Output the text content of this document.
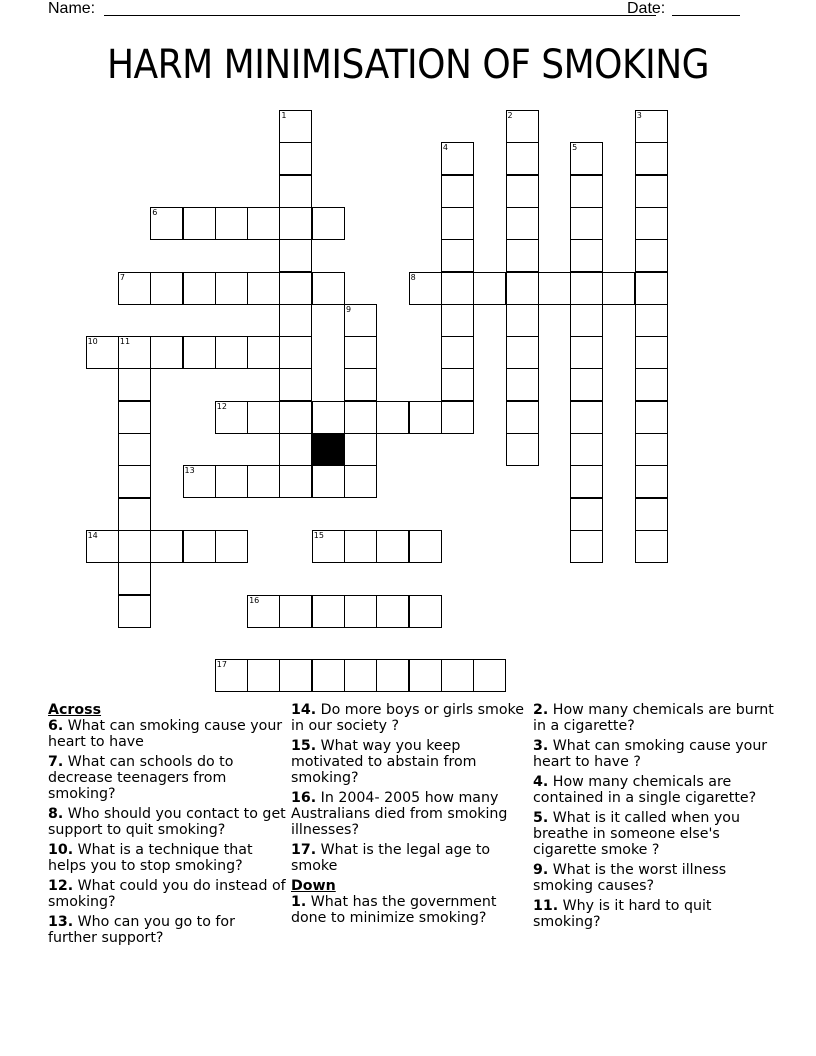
Name:	Date:
HARM MINIMISATION OF SMOKING
1	2	3
4	5
6
7	8
9
10	11
12
13
14	15
16
17
Across
6. What can smoking cause your heart to have
7. What can schools do to decrease teenagers from smoking?
8. Who should you contact to get support to quit smoking?
10. What is a technique that helps you to stop smoking?
12. What could you do instead of smoking?
13. Who can you go to for further support?
14. Do more boys or girls smoke in our society ?
15. What way you keep motivated to abstain from smoking?
16. In 2004- 2005 how many Australians died from smoking illnesses?
17. What is the legal age to smoke
Down
1. What has the government done to minimize smoking?
2. How many chemicals are burnt in a cigarette?
3. What can smoking cause your heart to have ?
4. How many chemicals are contained in a single cigarette?
5. What is it called when you breathe in someone else's cigarette smoke ?
9. What is the worst illness smoking causes?
11. Why is it hard to quit smoking?
